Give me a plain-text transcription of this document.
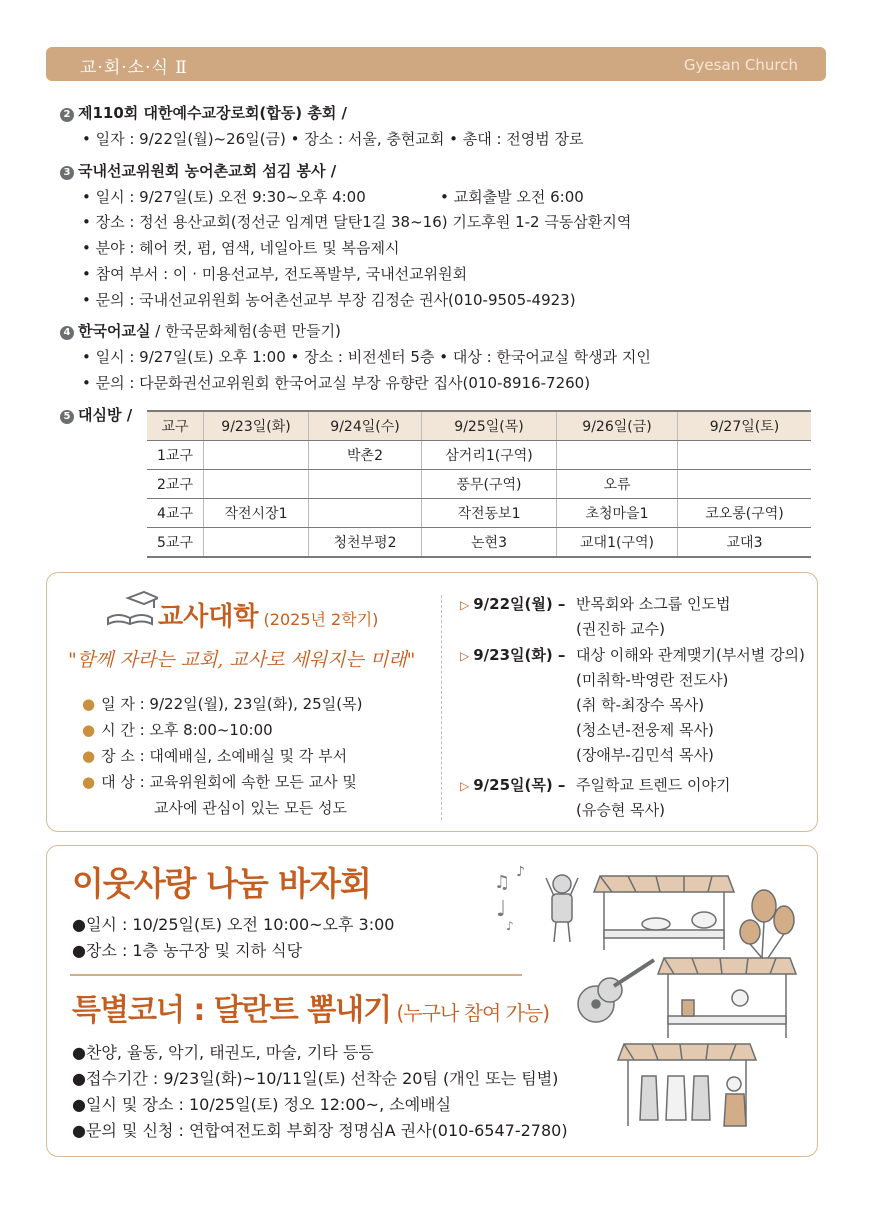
교·회·소·식 Ⅱ	Gyesan Church
2 제110회 대한예수교장로회(합동) 총회 /
• 일자 : 9/22일(월)~26일(금) • 장소 : 서울, 충현교회 • 총대 : 전영범 장로
3 국내선교위원회 농어촌교회 섬김 봉사 /
• 일시 : 9/27일(토) 오전 9:30~오후 4:00	• 교회출발 오전 6:00
• 장소 : 정선 용산교회(정선군 임계면 달탄1길 38~16) 기도후원 1-2 극동삼환지역
• 분야 : 헤어 컷, 펌, 염색, 네일아트 및 복음제시
• 참여 부서 : 이 · 미용선교부, 전도폭발부, 국내선교위원회
• 문의 : 국내선교위원회 농어촌선교부 부장 김정순 권사(010-9505-4923)
4 한국어교실 / 한국문화체험(송편 만들기)
• 일시 : 9/27일(토) 오후 1:00 • 장소 : 비전센터 5층 • 대상 : 한국어교실 학생과 지인
• 문의 : 다문화권선교위원회 한국어교실 부장 유향란 집사(010-8916-7260)
5 대심방 /
교구	9/23일(화)	9/24일(수)	9/25일(목)	9/26일(금)	9/27일(토)
1교구		박촌2	삼거리1(구역)		
2교구			풍무(구역)	오류	
4교구	작전시장1		작전동보1	초청마을1	코오롱(구역)
5교구		청천부평2	논현3	교대1(구역)	교대3
교사대학 (2025년 2학기)
"함께 자라는 교회, 교사로 세워지는 미래"
● 일 자 : 9/22일(월), 23일(화), 25일(목)
● 시 간 : 오후 8:00~10:00
● 장 소 : 대예배실, 소예배실 및 각 부서
● 대 상 : 교육위원회에 속한 모든 교사 및
교사에 관심이 있는 모든 성도
▷ 9/22일(월) – 반목회와 소그룹 인도법
(권진하 교수)
▷ 9/23일(화) – 대상 이해와 관계맺기(부서별 강의)
(미취학-박영란 전도사)
(취 학-최장수 목사)
(청소년-전웅제 목사)
(장애부-김민석 목사)
▷ 9/25일(목) – 주일학교 트렌드 이야기
(유승현 목사)
이웃사랑 나눔 바자회
●일시 : 10/25일(토) 오전 10:00~오후 3:00
●장소 : 1층 농구장 및 지하 식당
특별코너 : 달란트 뽐내기 (누구나 참여 가능)
●찬양, 율동, 악기, 태권도, 마술, 기타 등등
●접수기간 : 9/23일(화)~10/11일(토) 선착순 20팀 (개인 또는 팀별)
●일시 및 장소 : 10/25일(토) 정오 12:00~, 소예배실
●문의 및 신청 : 연합여전도회 부회장 정명심A 권사(010-6547-2780)
♫ ♪
♩
♪
